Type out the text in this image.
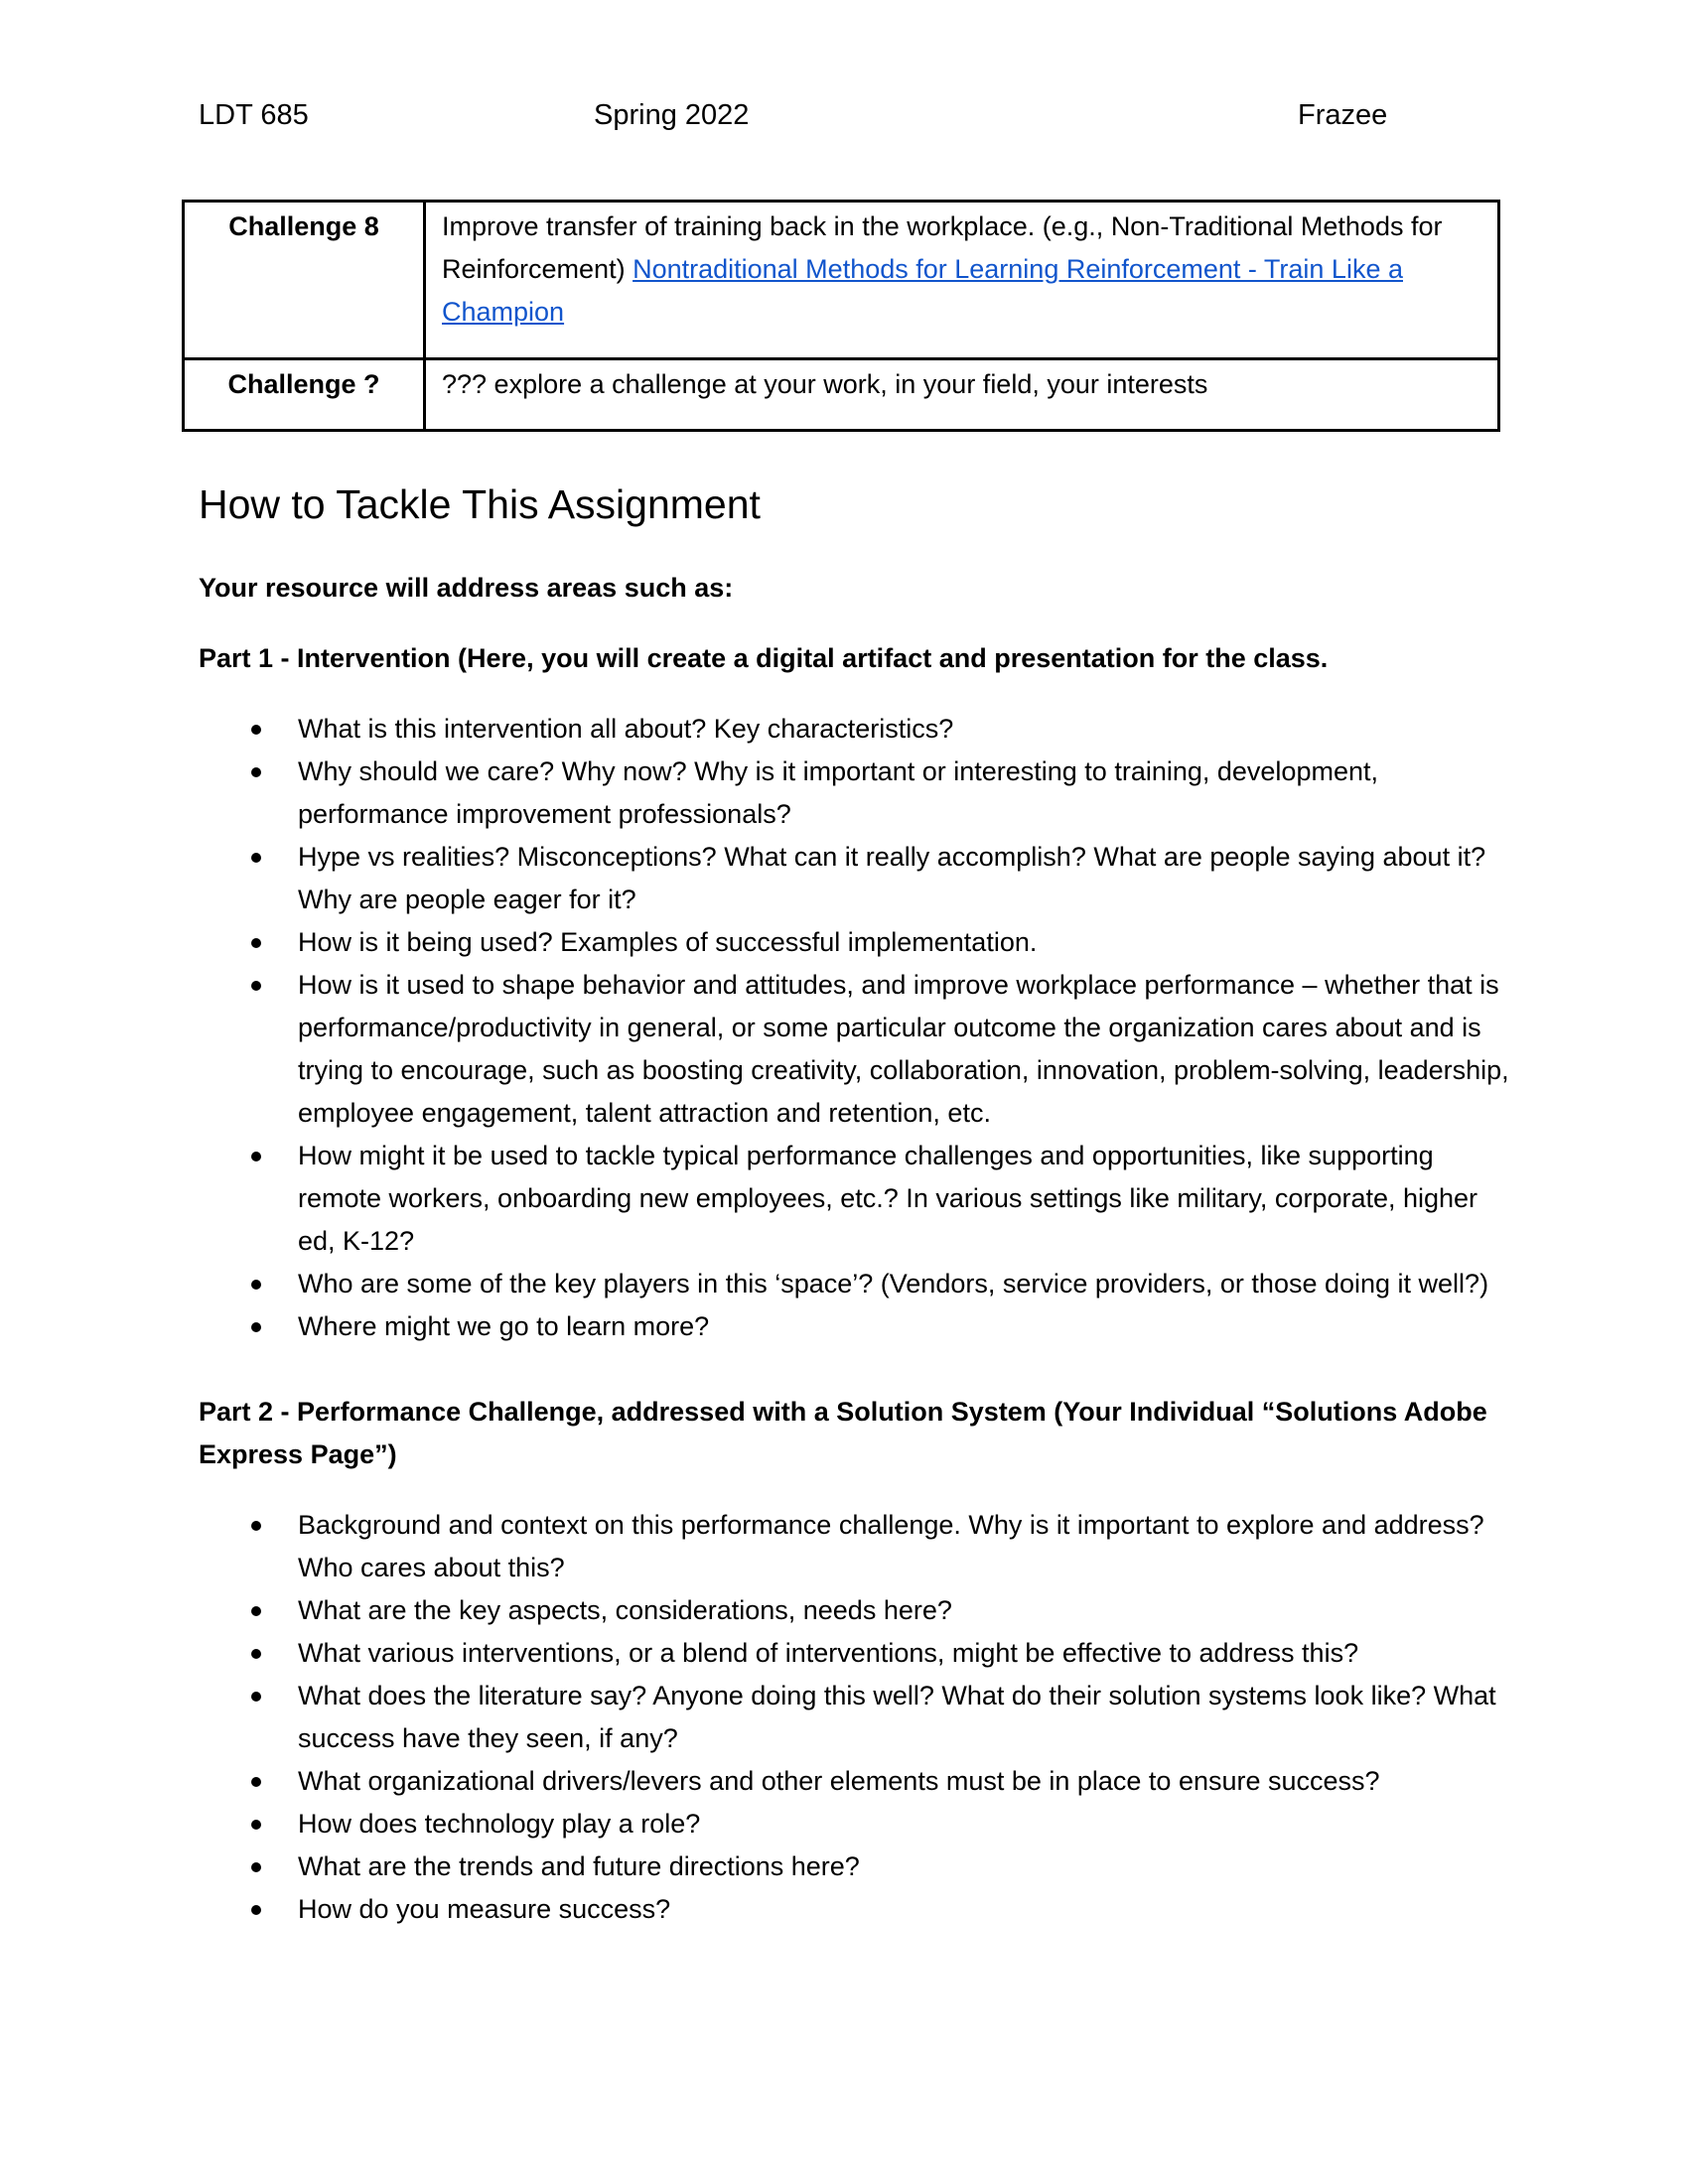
LDT 685	Spring 2022	Frazee
Challenge 8	Improve transfer of training back in the workplace. (e.g., Non-Traditional Methods for Reinforcement) Nontraditional Methods for Learning Reinforcement - Train Like a Champion
Challenge ?	??? explore a challenge at your work, in your field, your interests
How to Tackle This Assignment

Your resource will address areas such as:

Part 1 - Intervention (Here, you will create a digital artifact and presentation for the class.

What is this intervention all about? Key characteristics?
Why should we care? Why now? Why is it important or interesting to training, development, performance improvement professionals?
Hype vs realities? Misconceptions? What can it really accomplish? What are people saying about it? Why are people eager for it?
How is it being used? Examples of successful implementation.
How is it used to shape behavior and attitudes, and improve workplace performance – whether that is performance/productivity in general, or some particular outcome the organization cares about and is trying to encourage, such as boosting creativity, collaboration, innovation, problem-solving, leadership, employee engagement, talent attraction and retention, etc.
How might it be used to tackle typical performance challenges and opportunities, like supporting remote workers, onboarding new employees, etc.? In various settings like military, corporate, higher ed, K-12?
Who are some of the key players in this ‘space’? (Vendors, service providers, or those doing it well?)
Where might we go to learn more?

Part 2 - Performance Challenge, addressed with a Solution System (Your Individual “Solutions Adobe Express Page”)

Background and context on this performance challenge. Why is it important to explore and address? Who cares about this?
What are the key aspects, considerations, needs here?
What various interventions, or a blend of interventions, might be effective to address this?
What does the literature say? Anyone doing this well? What do their solution systems look like? What success have they seen, if any?
What organizational drivers/levers and other elements must be in place to ensure success?
How does technology play a role?
What are the trends and future directions here?
How do you measure success?
